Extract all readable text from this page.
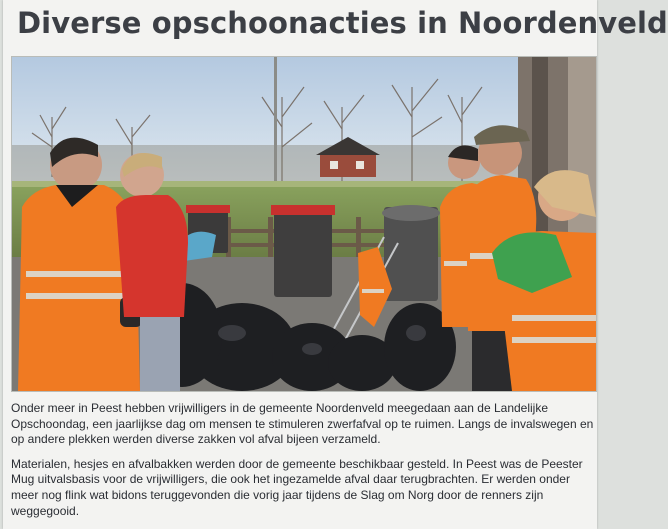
Diverse opschoonacties in Noordenveld

Onder meer in Peest hebben vrijwilligers in de gemeente Noordenveld meegedaan aan de Landelijke Opschoondag, een jaarlijkse dag om mensen te stimuleren zwerfafval op te ruimen. Langs de invalswegen en op andere plekken werden diverse zakken vol afval bijeen verzameld.

Materialen, hesjes en afvalbakken werden door de gemeente beschikbaar gesteld. In Peest was de Peester Mug uitvalsbasis voor de vrijwilligers, die ook het ingezamelde afval daar terugbrachten. Er werden onder meer nog flink wat bidons teruggevonden die vorig jaar tijdens de Slag om Norg door de renners zijn weggegooid.
